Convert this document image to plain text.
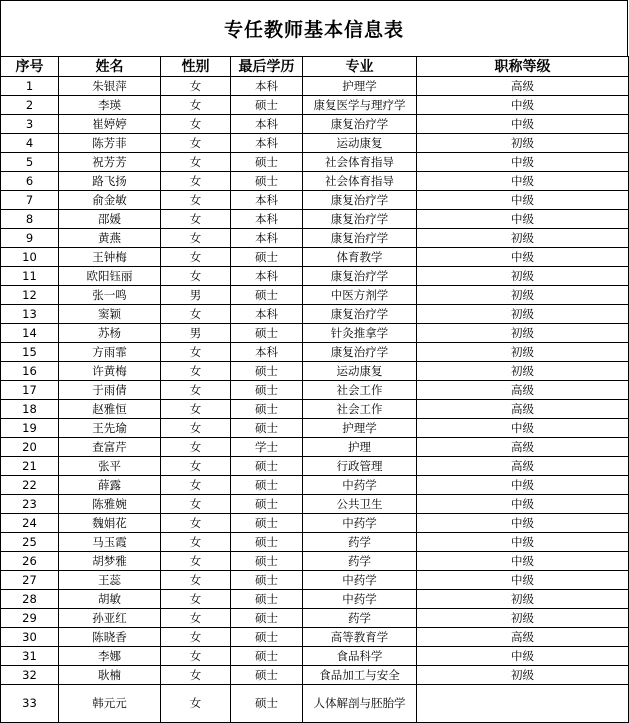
专任教师基本信息表
序号	姓名	性别	最后学历	专业	职称等级
1	朱银萍	女	本科	护理学	高级
2	李瑛	女	硕士	康复医学与理疗学	中级
3	崔婷婷	女	本科	康复治疗学	中级
4	陈芳菲	女	本科	运动康复	初级
5	祝芳芳	女	硕士	社会体育指导	中级
6	路飞扬	女	硕士	社会体育指导	中级
7	俞金敏	女	本科	康复治疗学	中级
8	邵媛	女	本科	康复治疗学	中级
9	黄燕	女	本科	康复治疗学	初级
10	王钟梅	女	硕士	体育教学	中级
11	欧阳钰丽	女	本科	康复治疗学	初级
12	张一鸣	男	硕士	中医方剂学	初级
13	窦颖	女	本科	康复治疗学	初级
14	苏杨	男	硕士	针灸推拿学	初级
15	方雨霏	女	本科	康复治疗学	初级
16	许黄梅	女	硕士	运动康复	初级
17	于雨倩	女	硕士	社会工作	高级
18	赵雅恒	女	硕士	社会工作	高级
19	王先瑜	女	硕士	护理学	中级
20	查富芹	女	学士	护理	高级
21	张平	女	硕士	行政管理	高级
22	薛露	女	硕士	中药学	中级
23	陈雅婉	女	硕士	公共卫生	中级
24	魏娟花	女	硕士	中药学	中级
25	马玉霞	女	硕士	药学	中级
26	胡梦雅	女	硕士	药学	中级
27	王蕊	女	硕士	中药学	中级
28	胡敏	女	硕士	中药学	初级
29	孙亚红	女	硕士	药学	初级
30	陈晓香	女	硕士	高等教育学	高级
31	李娜	女	硕士	食品科学	中级
32	耿楠	女	硕士	食品加工与安全	初级
33	韩元元	女	硕士	人体解剖与胚胎学	
